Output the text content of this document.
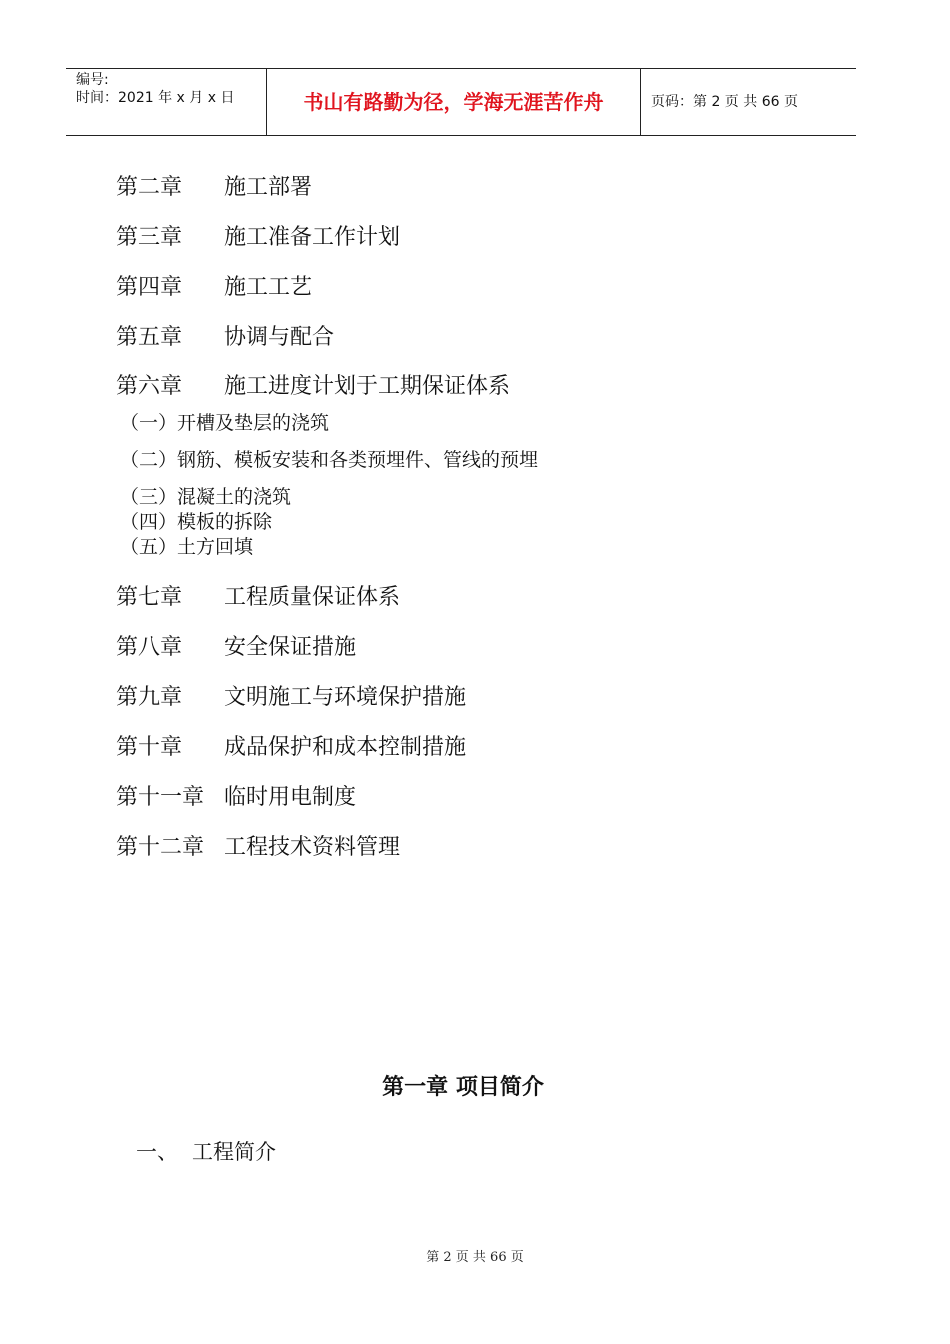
编号:
时间：2021 年 x 月 x 日	书山有路勤为径，学海无涯苦作舟	页码：第 2 页 共 66 页
第二章 施工部署
第三章 施工准备工作计划
第四章 施工工艺
第五章 协调与配合
第六章 施工进度计划于工期保证体系
（一）开槽及垫层的浇筑
（二）钢筋、模板安装和各类预埋件、管线的预埋
（三）混凝土的浇筑
（四）模板的拆除
（五）土方回填
第七章 工程质量保证体系
第八章 安全保证措施
第九章 文明施工与环境保护措施
第十章 成品保护和成本控制措施
第十一章 临时用电制度
第十二章 工程技术资料管理
第一章 项目简介
一、 工程简介
第 2 页 共 66 页
